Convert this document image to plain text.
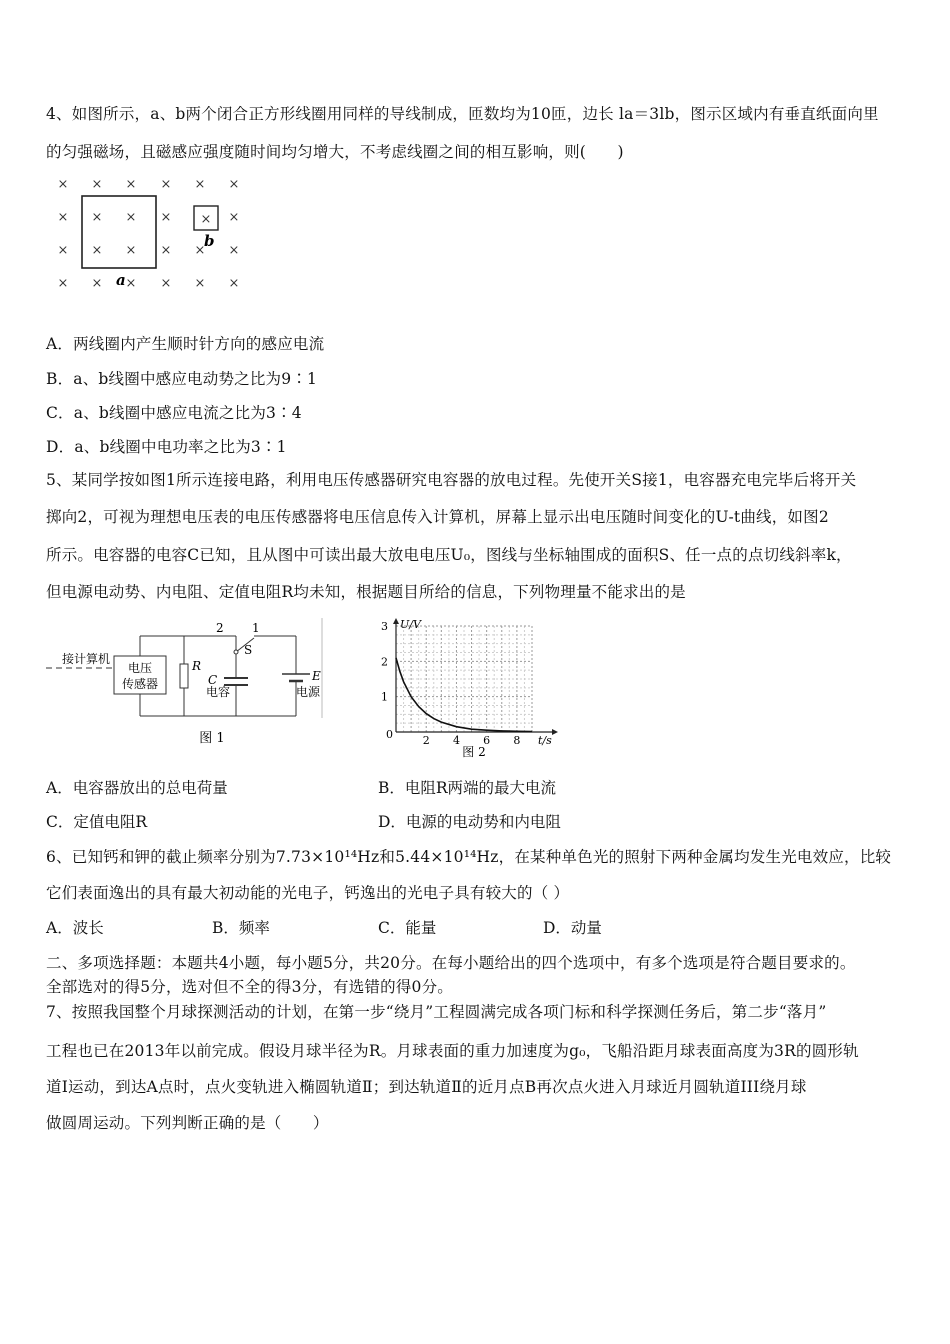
4、如图所示，a、b两个闭合正方形线圈用同样的导线制成，匝数均为10匝，边长 la＝3lb，图示区域内有垂直纸面向里
的匀强磁场，且磁感应强度随时间均匀增大，不考虑线圈之间的相互影响，则(　　)
× × × × × ×
× × × ×	×
× × × × × ×
× × × × × ×
×
a
b
A．两线圈内产生顺时针方向的感应电流
B．a、b线圈中感应电动势之比为9∶1
C．a、b线圈中感应电流之比为3∶4
D．a、b线圈中电功率之比为3∶1
5、某同学按如图1所示连接电路，利用电压传感器研究电容器的放电过程。先使开关S接1，电容器充电完毕后将开关
掷向2，可视为理想电压表的电压传感器将电压信息传入计算机，屏幕上显示出电压随时间变化的U-t曲线，如图2
所示。电容器的电容C已知，且从图中可读出最大放电电压U₀，图线与坐标轴围成的面积S、任一点的点切线斜率k，
但电源电动势、内电阻、定值电阻R均未知，根据题目所给的信息，下列物理量不能求出的是
接计算机
电压
传感器
R
2 1
S
C
电容
E
电源
图 1	2 4 6 8
1
2
3 U/V
t/s
0
图 2
A．电容器放出的总电荷量	B．电阻R两端的最大电流
C．定值电阻R	D．电源的电动势和内电阻
6、已知钙和钾的截止频率分别为7.73×10¹⁴Hz和5.44×10¹⁴Hz，在某种单色光的照射下两种金属均发生光电效应，比较
它们表面逸出的具有最大初动能的光电子，钙逸出的光电子具有较大的（ ）
A．波长	B．频率	C．能量	D．动量
二、多项选择题：本题共4小题，每小题5分，共20分。在每小题给出的四个选项中，有多个选项是符合题目要求的。
全部选对的得5分，选对但不全的得3分，有选错的得0分。
7、按照我国整个月球探测活动的计划，在第一步“绕月”工程圆满完成各项门标和科学探测任务后，第二步“落月”
工程也已在2013年以前完成。假设月球半径为R。月球表面的重力加速度为g₀，飞船沿距月球表面高度为3R的圆形轨
道Ⅰ运动，到达A点时，点火变轨进入椭圆轨道Ⅱ；到达轨道Ⅱ的近月点B再次点火进入月球近月圆轨道III绕月球
做圆周运动。下列判断正确的是（　　）
